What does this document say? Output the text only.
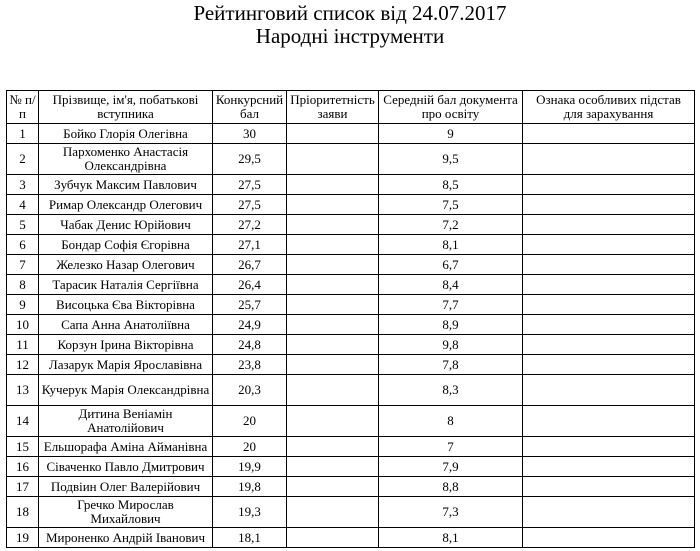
Рейтинговий список від 24.07.2017
Народні інструменти
№ п/п	Прізвище, ім'я, побатькові вступника	Конкурсний бал	Пріоритетність заяви	Середній бал документа про освіту	Ознака особливих підстав для зарахування
1	Бойко Глорія Олегівна	30		9	
2	Пархоменко Анастасія Олександрівна	29,5		9,5	
3	Зубчук Максим Павлович	27,5		8,5	
4	Римар Олександр Олегович	27,5		7,5	
5	Чабак Денис Юрійович	27,2		7,2	
6	Бондар Софія Єгорівна	27,1		8,1	
7	Железко Назар Олегович	26,7		6,7	
8	Тарасик Наталія Сергіївна	26,4		8,4	
9	Висоцька Єва Вікторівна	25,7		7,7	
10	Сапа Анна Анатоліївна	24,9		8,9	
11	Корзун Ірина Вікторівна	24,8		9,8	
12	Лазарук Марія Ярославівна	23,8		7,8	
13	Кучерук Марія Олександрівна	20,3		8,3	
14	Дитина Веніамін Анатолійович	20		8	
15	Ельшорафа Аміна Айманівна	20		7	
16	Сіваченко Павло Дмитрович	19,9		7,9	
17	Подвіин Олег Валерійович	19,8		8,8	
18	Гречко Мирослав Михайлович	19,3		7,3	
19	Мироненко Андрій Іванович	18,1		8,1	
